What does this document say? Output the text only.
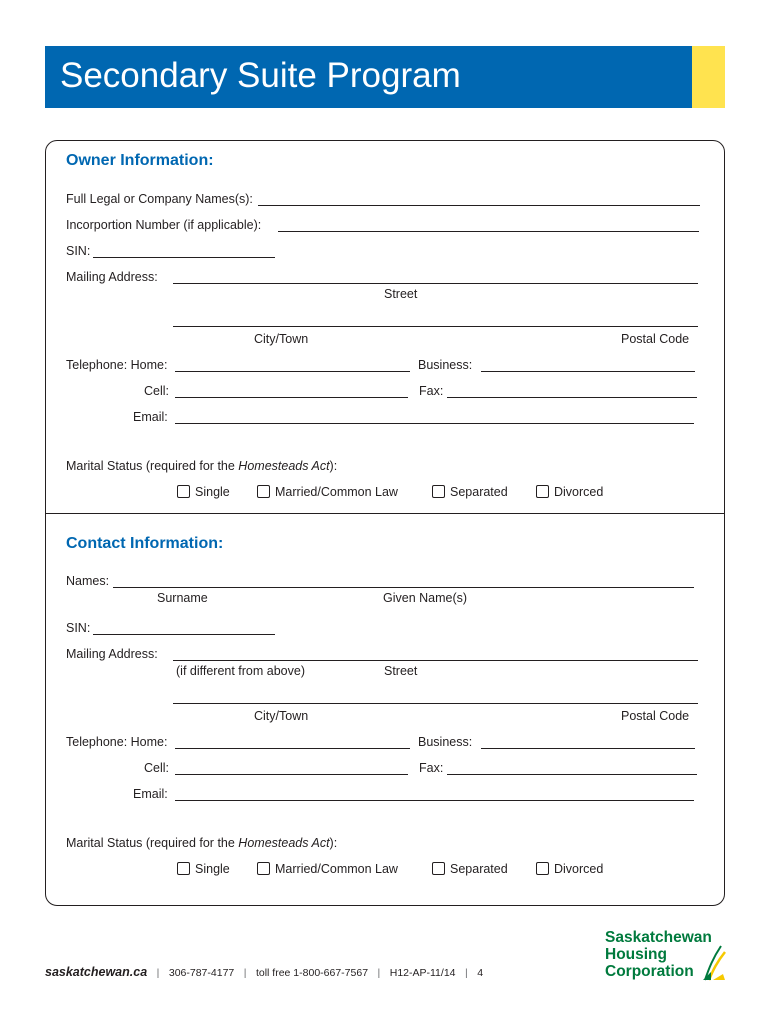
Secondary Suite Program
Owner Information:
Full Legal or Company Names(s):
Incorportion Number (if applicable):
SIN:
Mailing Address:
Street
City/Town	Postal Code
Telephone: Home:	Business:
Cell:	Fax:
Email:
Marital Status (required for the Homesteads Act):
Single	Married/Common Law	Separated	Divorced
Contact Information:
Names:
Surname	Given Name(s)
SIN:
Mailing Address:
(if different from above)	Street
City/Town	Postal Code
Telephone: Home:	Business:
Cell:	Fax:
Email:
Marital Status (required for the Homesteads Act):
Single	Married/Common Law	Separated	Divorced
saskatchewan.ca | 306-787-4177 | toll free 1-800-667-7567 | H12-AP-11/14 | 4
Saskatchewan
Housing
Corporation
